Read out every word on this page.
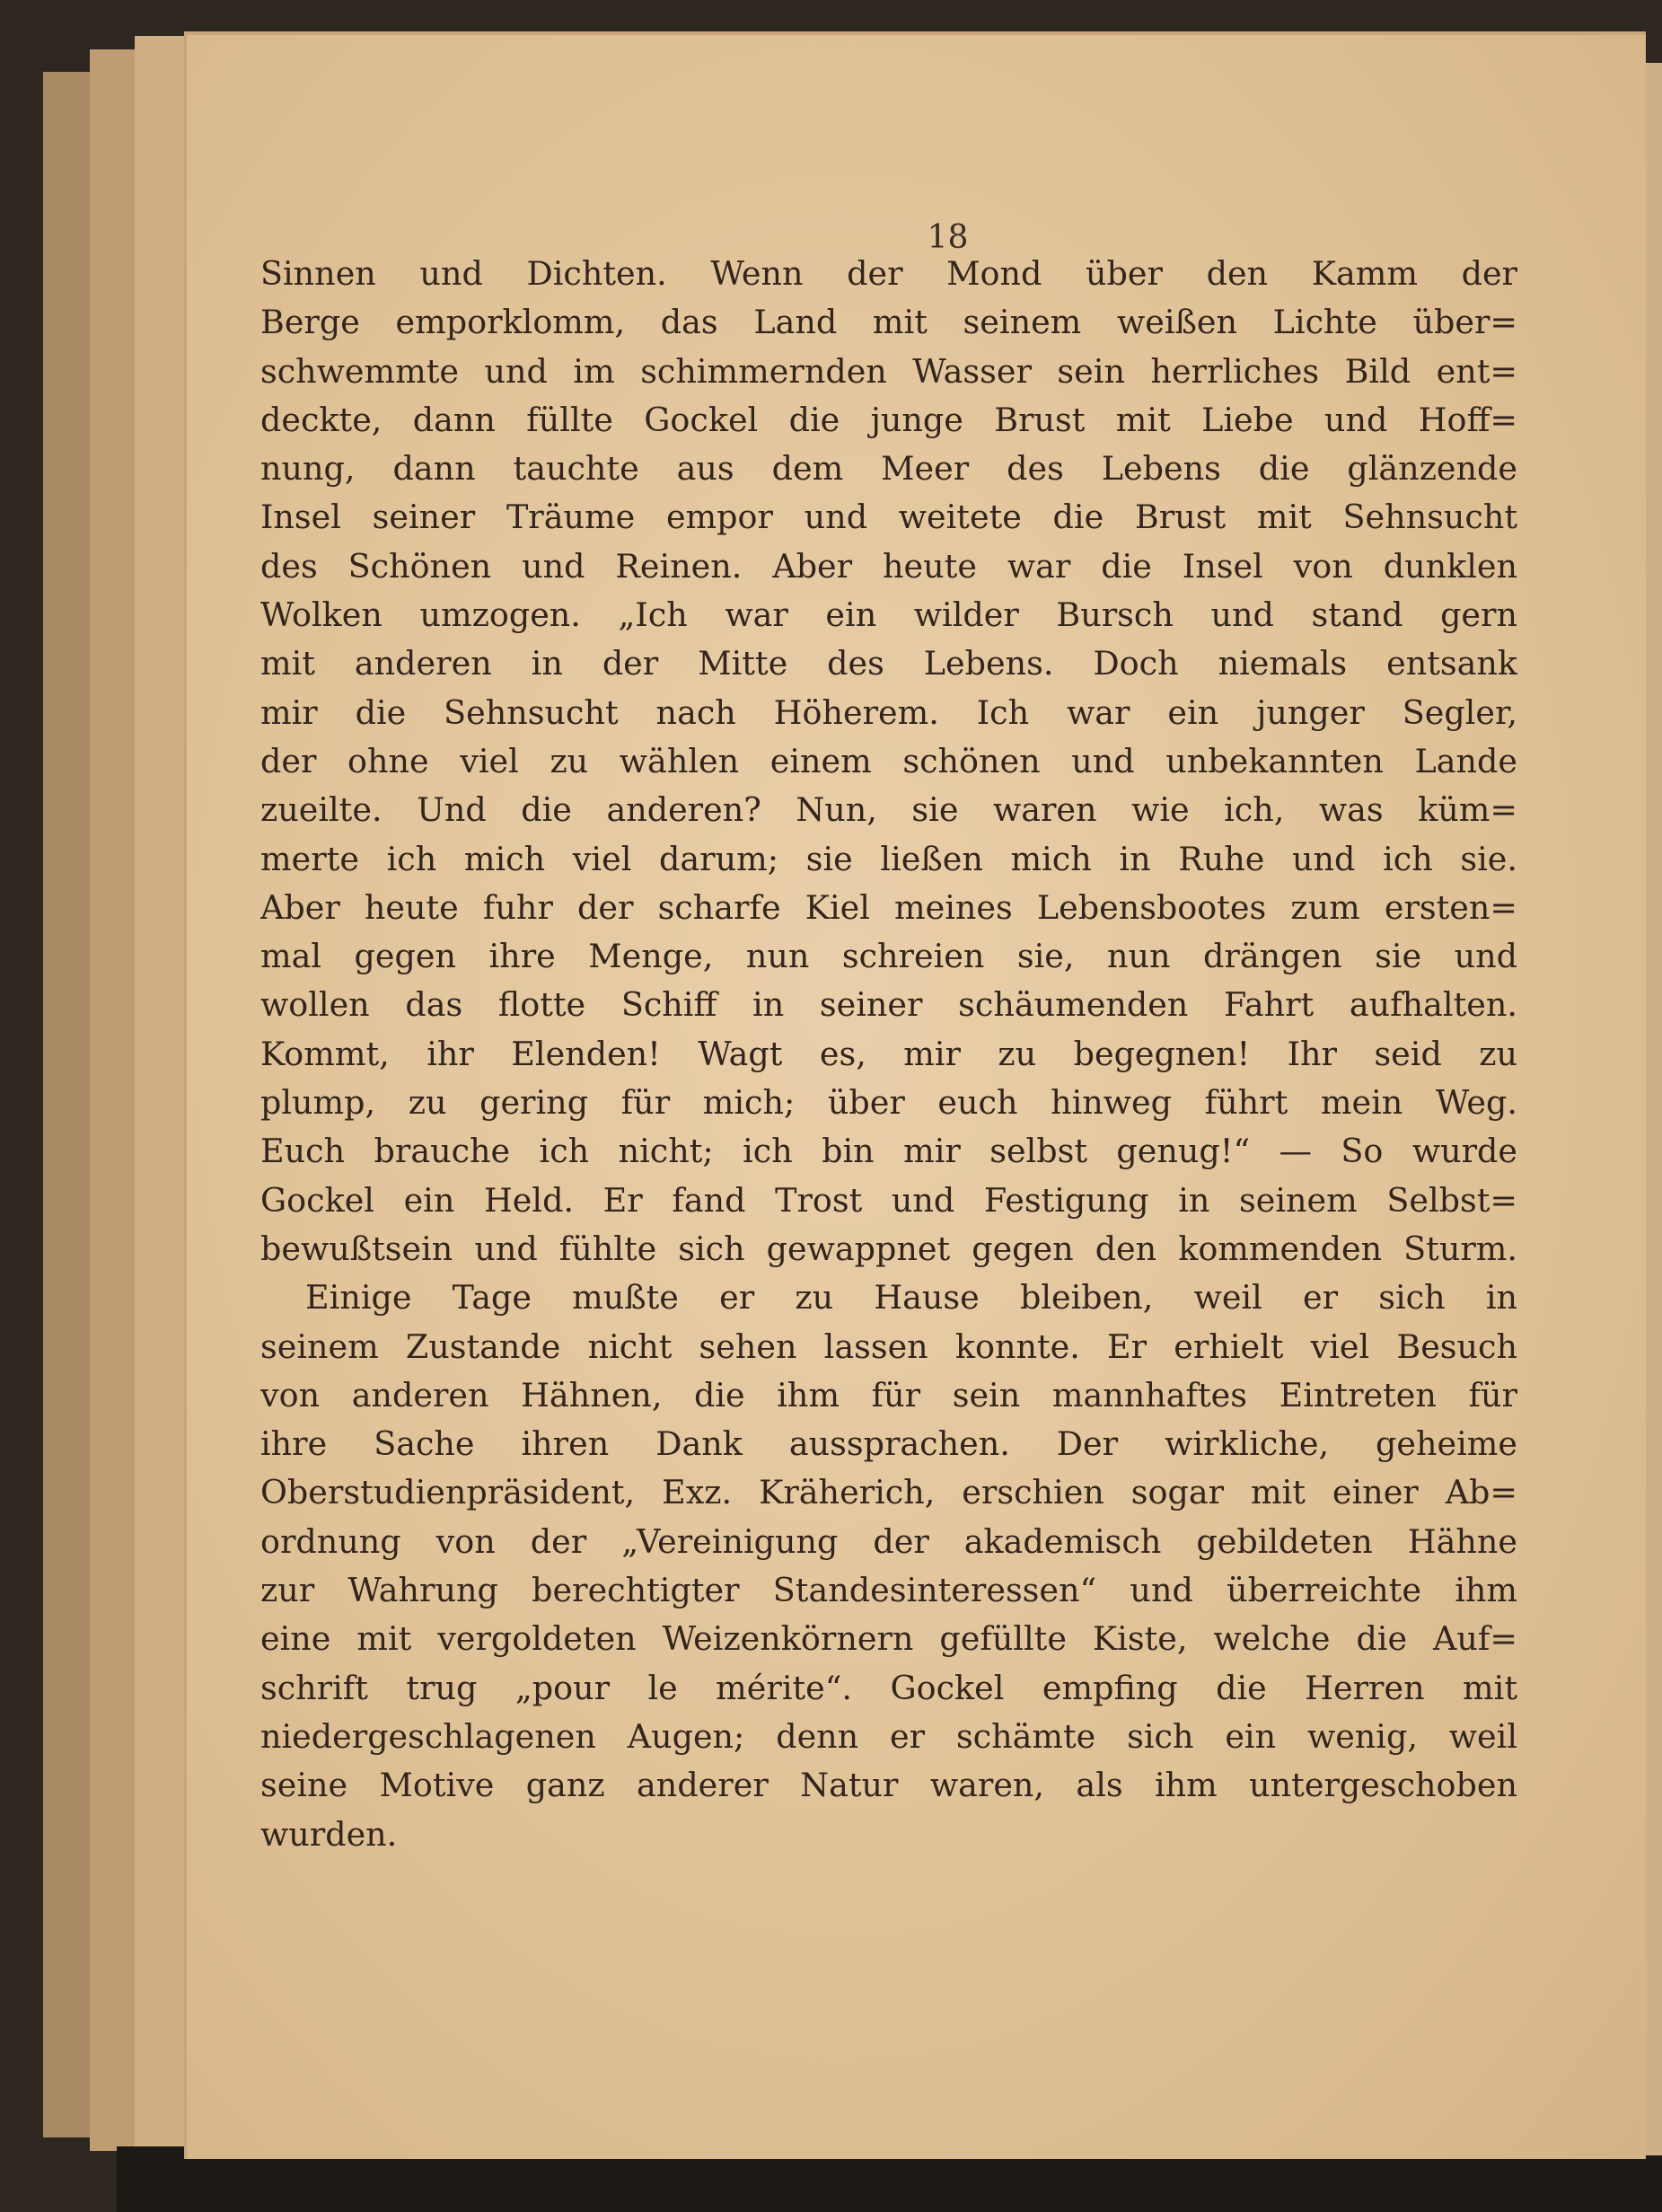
18
Sinnen und Dichten. Wenn der Mond über den Kamm der
Berge emporklomm, das Land mit seinem weißen Lichte über=
schwemmte und im schimmernden Wasser sein herrliches Bild ent=
deckte, dann füllte Gockel die junge Brust mit Liebe und Hoff=
nung, dann tauchte aus dem Meer des Lebens die glänzende
Insel seiner Träume empor und weitete die Brust mit Sehnsucht
des Schönen und Reinen. Aber heute war die Insel von dunklen
Wolken umzogen. „Ich war ein wilder Bursch und stand gern
mit anderen in der Mitte des Lebens. Doch niemals entsank
mir die Sehnsucht nach Höherem. Ich war ein junger Segler,
der ohne viel zu wählen einem schönen und unbekannten Lande
zueilte. Und die anderen? Nun, sie waren wie ich, was küm=
merte ich mich viel darum; sie ließen mich in Ruhe und ich sie.
Aber heute fuhr der scharfe Kiel meines Lebensbootes zum ersten=
mal gegen ihre Menge, nun schreien sie, nun drängen sie und
wollen das flotte Schiff in seiner schäumenden Fahrt aufhalten.
Kommt, ihr Elenden! Wagt es, mir zu begegnen! Ihr seid zu
plump, zu gering für mich; über euch hinweg führt mein Weg.
Euch brauche ich nicht; ich bin mir selbst genug!“ — So wurde
Gockel ein Held. Er fand Trost und Festigung in seinem Selbst=
bewußtsein und fühlte sich gewappnet gegen den kommenden Sturm.
Einige Tage mußte er zu Hause bleiben, weil er sich in
seinem Zustande nicht sehen lassen konnte. Er erhielt viel Besuch
von anderen Hähnen, die ihm für sein mannhaftes Eintreten für
ihre Sache ihren Dank aussprachen. Der wirkliche, geheime
Oberstudienpräsident, Exz. Kräherich, erschien sogar mit einer Ab=
ordnung von der „Vereinigung der akademisch gebildeten Hähne
zur Wahrung berechtigter Standesinteressen“ und überreichte ihm
eine mit vergoldeten Weizenkörnern gefüllte Kiste, welche die Auf=
schrift trug „pour le mérite“. Gockel empfing die Herren mit
niedergeschlagenen Augen; denn er schämte sich ein wenig, weil
seine Motive ganz anderer Natur waren, als ihm untergeschoben
wurden.
